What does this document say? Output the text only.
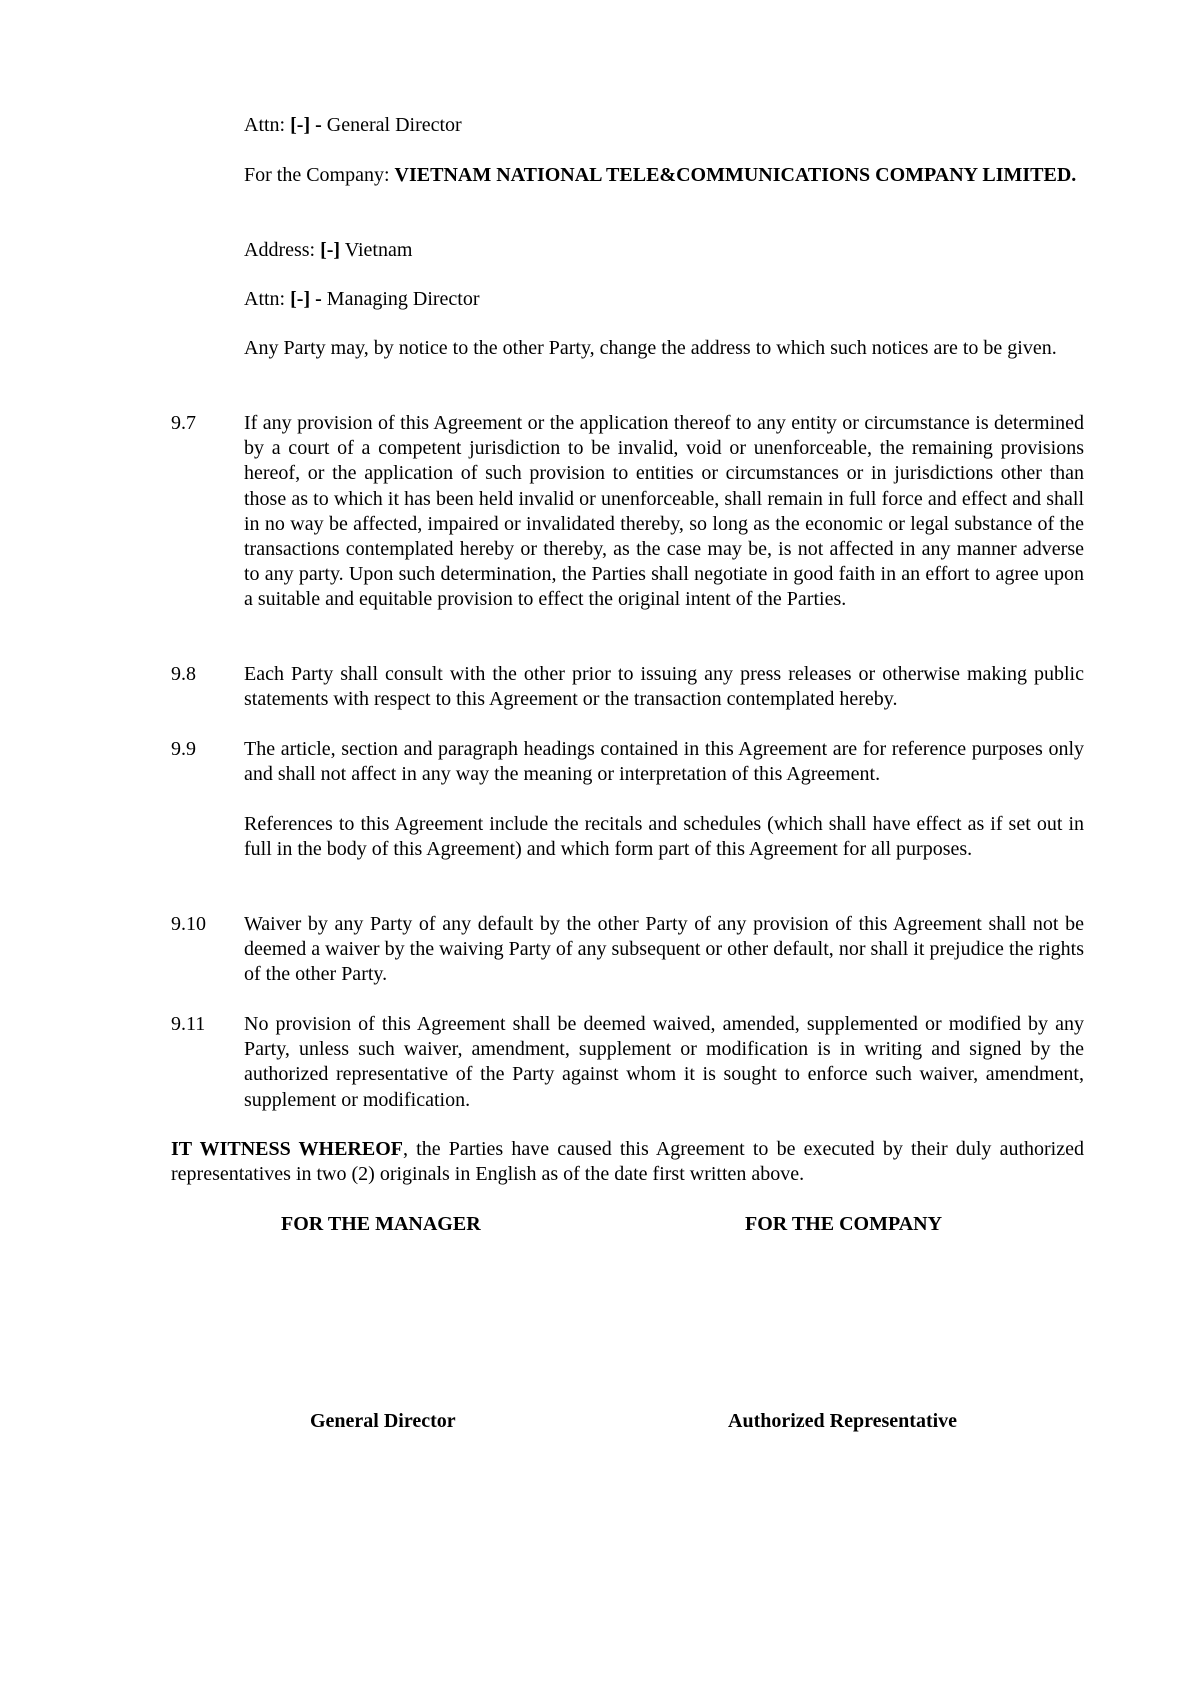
Attn: [-] - General Director

For the Company: VIETNAM NATIONAL TELE&COMMUNICATIONS COMPANY LIMITED.

Address: [-] Vietnam

Attn: [-] - Managing Director

Any Party may, by notice to the other Party, change the address to which such notices are to be given.

9.7	If any provision of this Agreement or the application thereof to any entity or circumstance is determined by a court of a competent jurisdiction to be invalid, void or unenforceable, the remaining provisions hereof, or the application of such provision to entities or circumstances or in jurisdictions other than those as to which it has been held invalid or unenforceable, shall remain in full force and effect and shall in no way be affected, impaired or invalidated thereby, so long as the economic or legal substance of the transactions contemplated hereby or thereby, as the case may be, is not affected in any manner adverse to any party. Upon such determination, the Parties shall negotiate in good faith in an effort to agree upon a suitable and equitable provision to effect the original intent of the Parties.
9.8	Each Party shall consult with the other prior to issuing any press releases or otherwise making public statements with respect to this Agreement or the transaction contemplated hereby.
9.9	The article, section and paragraph headings contained in this Agreement are for reference purposes only and shall not affect in any way the meaning or interpretation of this Agreement.

References to this Agreement include the recitals and schedules (which shall have effect as if set out in full in the body of this Agreement) and which form part of this Agreement for all purposes.

9.10	Waiver by any Party of any default by the other Party of any provision of this Agreement shall not be deemed a waiver by the waiving Party of any subsequent or other default, nor shall it prejudice the rights of the other Party.
9.11	No provision of this Agreement shall be deemed waived, amended, supplemented or modified by any Party, unless such waiver, amendment, supplement or modification is in writing and signed by the authorized representative of the Party against whom it is sought to enforce such waiver, amendment, supplement or modification.

IT WITNESS WHEREOF, the Parties have caused this Agreement to be executed by their duly authorized representatives in two (2) originals in English as of the date first written above.

FOR THE MANAGER	FOR THE COMPANY
General Director	Authorized Representative
